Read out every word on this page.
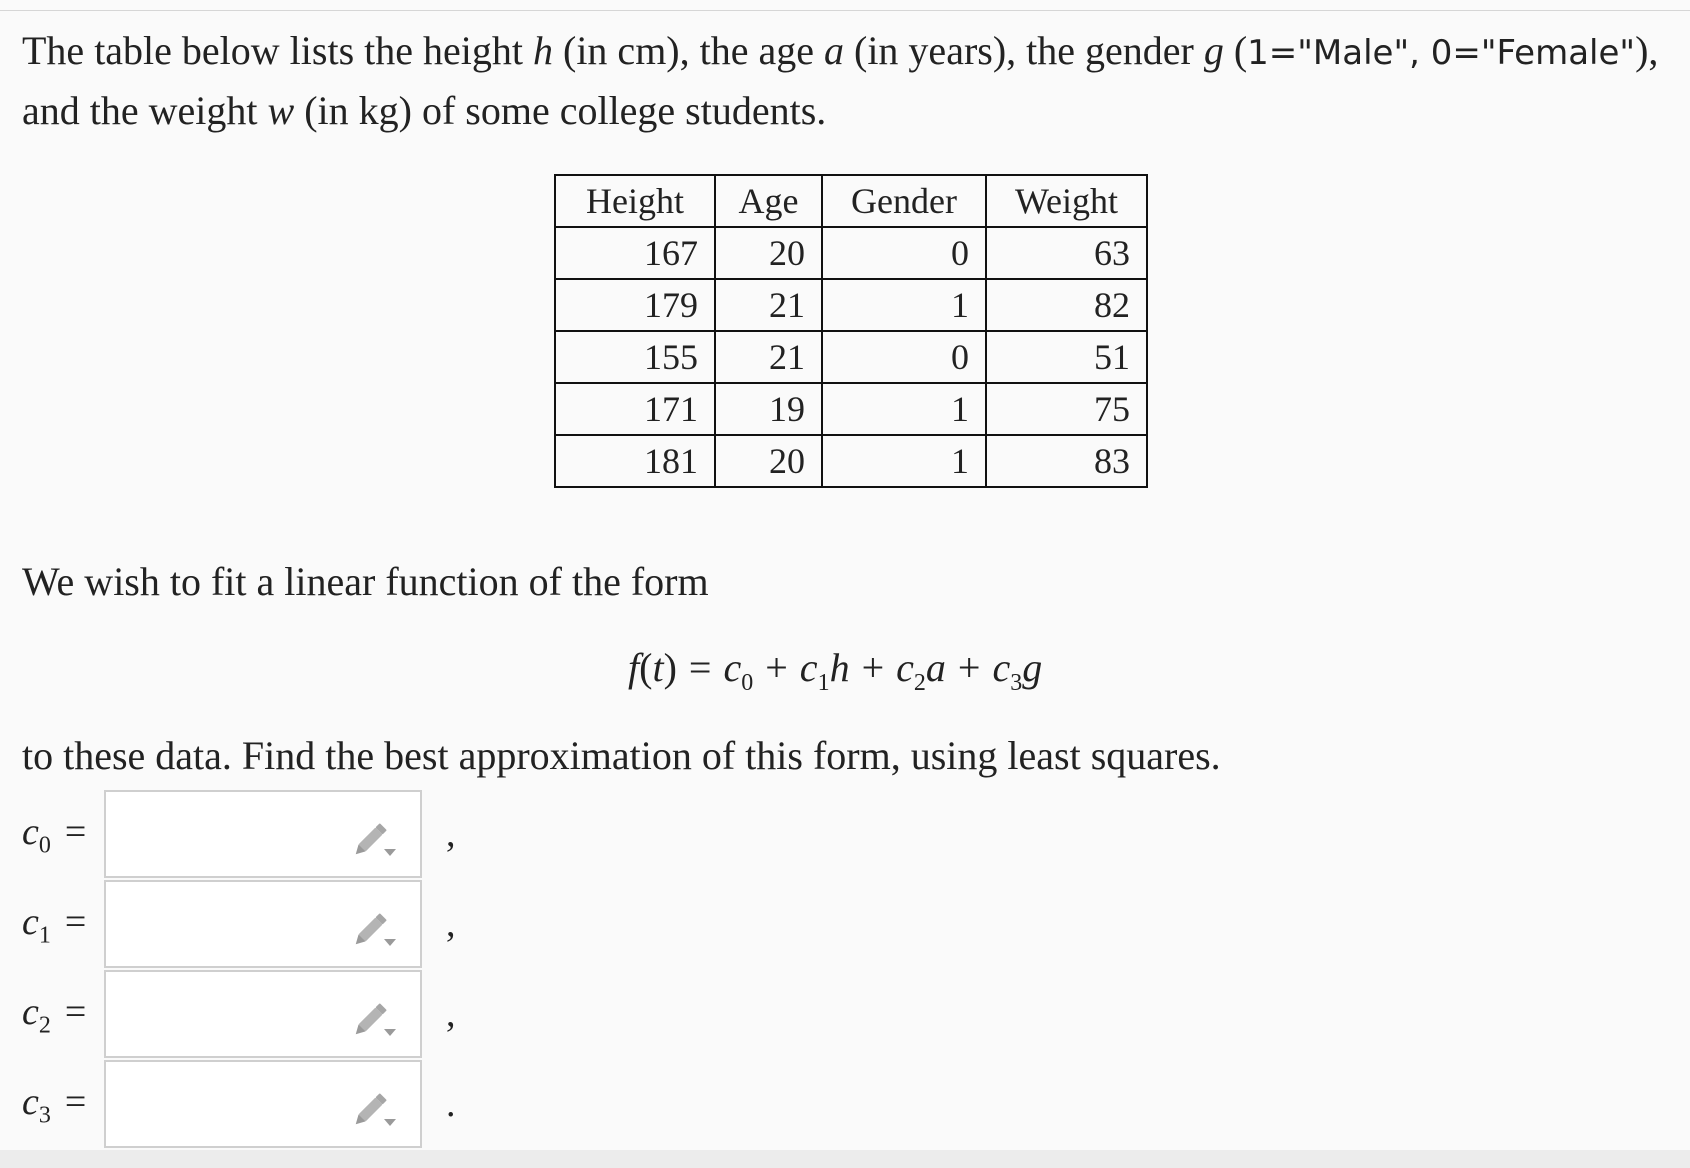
The table below lists the height h (in cm), the age a (in years), the gender g (1="Male", 0="Female"), and the weight w (in kg) of some college students.

Height	Age	Gender	Weight
167	20	0	63
179	21	1	82
155	21	0	51
171	19	1	75
181	20	1	83

We wish to fit a linear function of the form

$f(t) = c_0 + c_1h + c_2a + c_3g$

to these data. Find the best approximation of this form, using least squares.

$c_0$ =	,
$c_1$ =	,
$c_2$ =	,
$c_3$ =	.
